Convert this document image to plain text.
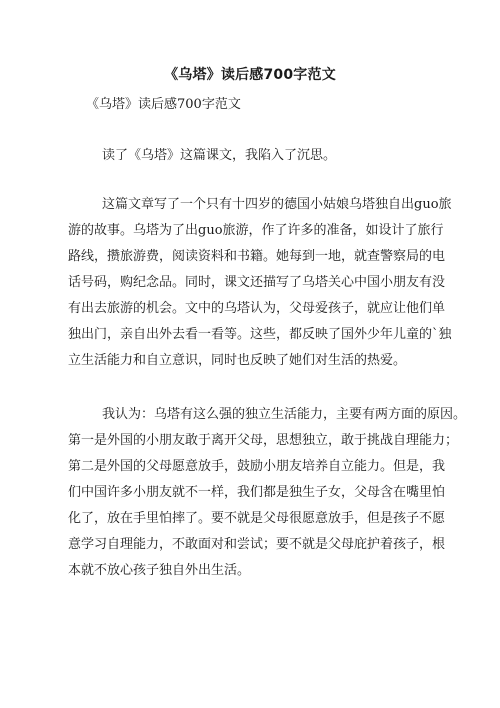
《乌塔》读后感700字范文
《乌塔》读后感700字范文

读了《乌塔》这篇课文，我陷入了沉思。

这篇文章写了一个只有十四岁的德国小姑娘乌塔独自出guo旅
游的故事。乌塔为了出guo旅游，作了许多的准备，如设计了旅行
路线，攒旅游费，阅读资料和书籍。她每到一地，就查警察局的电
话号码，购纪念品。同时，课文还描写了乌塔关心中国小朋友有没
有出去旅游的机会。文中的乌塔认为，父母爱孩子，就应让他们单
独出门，亲自出外去看一看等。这些，都反映了国外少年儿童的`独
立生活能力和自立意识，同时也反映了她们对生活的热爱。

我认为：乌塔有这么强的独立生活能力，主要有两方面的原因。
第一是外国的小朋友敢于离开父母，思想独立，敢于挑战自理能力；
第二是外国的父母愿意放手，鼓励小朋友培养自立能力。但是，我
们中国许多小朋友就不一样，我们都是独生子女，父母含在嘴里怕
化了，放在手里怕摔了。要不就是父母很愿意放手，但是孩子不愿
意学习自理能力，不敢面对和尝试；要不就是父母庇护着孩子，根
本就不放心孩子独自外出生活。
